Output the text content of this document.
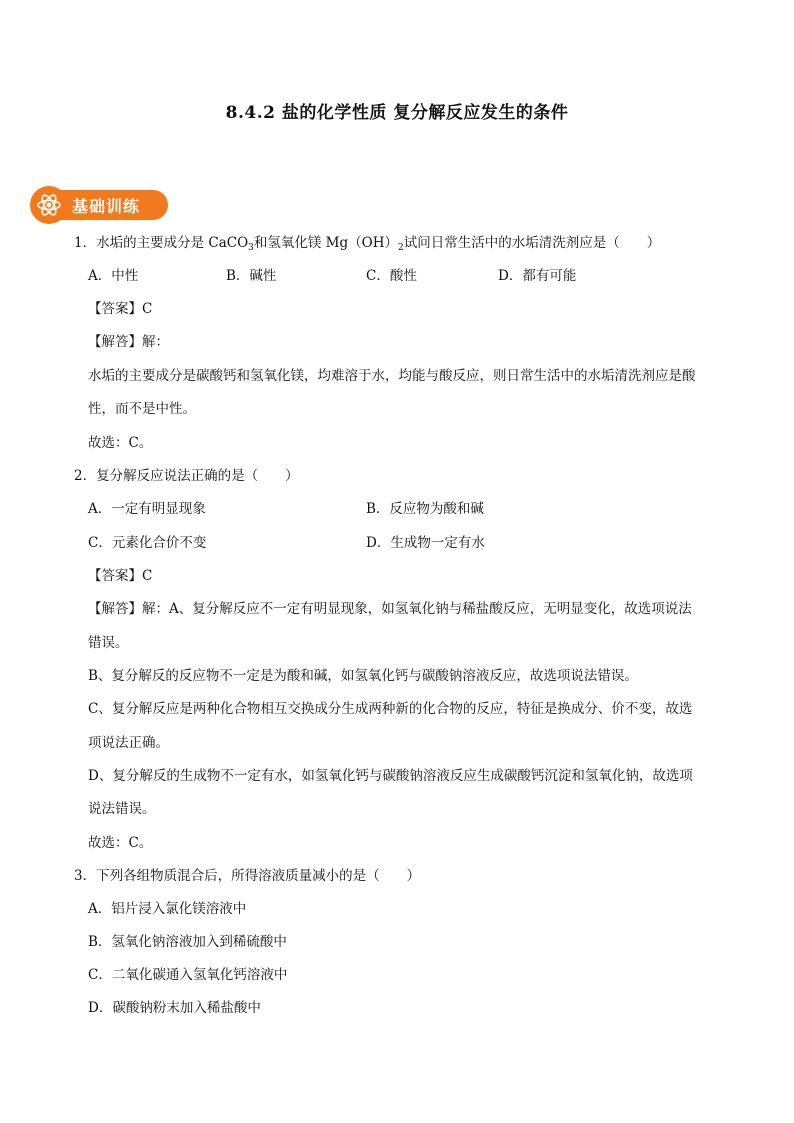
8.4.2 盐的化学性质 复分解反应发生的条件
基础训练
1．水垢的主要成分是 CaCO$_3$和氢氧化镁 $Mg(OH)_2$试问日常生活中的水垢清洗剂应是（　　）
A．中性	B．碱性	C．酸性	D．都有可能
【答案】C
【解答】解：
水垢的主要成分是碳酸钙和氢氧化镁，均难溶于水，均能与酸反应，则日常生活中的水垢清洗剂应是酸
性，而不是中性。
故选：C。
2．复分解反应说法正确的是（　　）
A．一定有明显现象	B．反应物为酸和碱
C．元素化合价不变	D．生成物一定有水
【答案】C
【解答】解：A、复分解反应不一定有明显现象，如氢氧化钠与稀盐酸反应，无明显变化，故选项说法
错误。
B、复分解反的反应物不一定是为酸和碱，如氢氧化钙与碳酸钠溶液反应，故选项说法错误。
C、复分解反应是两种化合物相互交换成分生成两种新的化合物的反应，特征是换成分、价不变，故选
项说法正确。
D、复分解反的生成物不一定有水，如氢氧化钙与碳酸钠溶液反应生成碳酸钙沉淀和氢氧化钠，故选项
说法错误。
故选：C。
3．下列各组物质混合后，所得溶液质量减小的是（　　）
A．铝片浸入氯化镁溶液中
B．氢氧化钠溶液加入到稀硫酸中
C．二氧化碳通入氢氧化钙溶液中
D．碳酸钠粉末加入稀盐酸中
